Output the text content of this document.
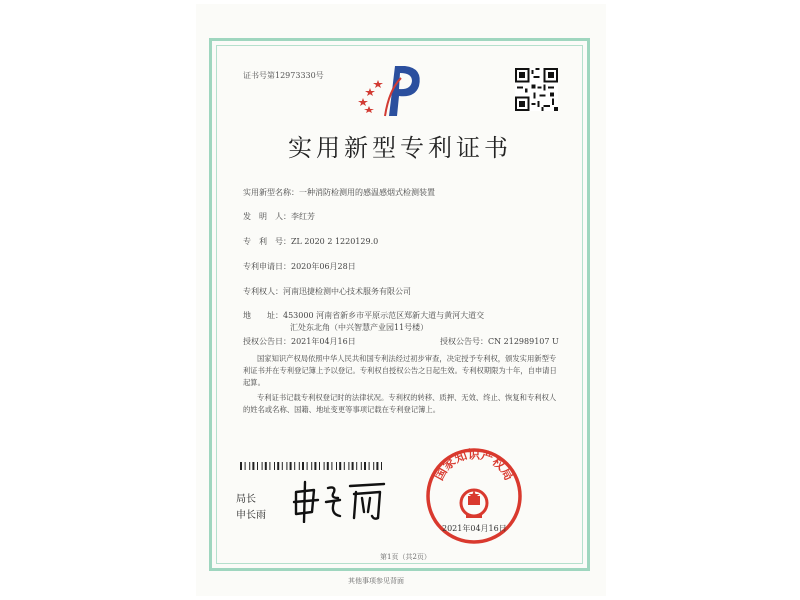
证书号第12973330号
实用新型专利证书
实用新型名称：一种消防检测用的感温感烟式检测装置
发　明　人：李红芳
专　利　号：ZL 2020 2 1220129.0
专利申请日：2020年06月28日
专利权人：河南迅捷检测中心技术服务有限公司
地　　址：453000 河南省新乡市平原示范区郑新大道与黄河大道交
汇处东北角（中兴智慧产业园11号楼）
授权公告日：2021年04月16日	授权公告号：CN 212989107 U
国家知识产权局依照中华人民共和国专利法经过初步审查，决定授予专利权，颁发实用新型专利证书并在专利登记簿上予以登记。专利权自授权公告之日起生效。专利权期限为十年，自申请日起算。
专利证书记载专利权登记时的法律状况。专利权的转移、质押、无效、终止、恢复和专利权人的姓名或名称、国籍、地址变更等事项记载在专利登记簿上。
局长
申长雨
国家知识产权局
2021年04月16日
第1页（共2页）
其他事项参见背面
